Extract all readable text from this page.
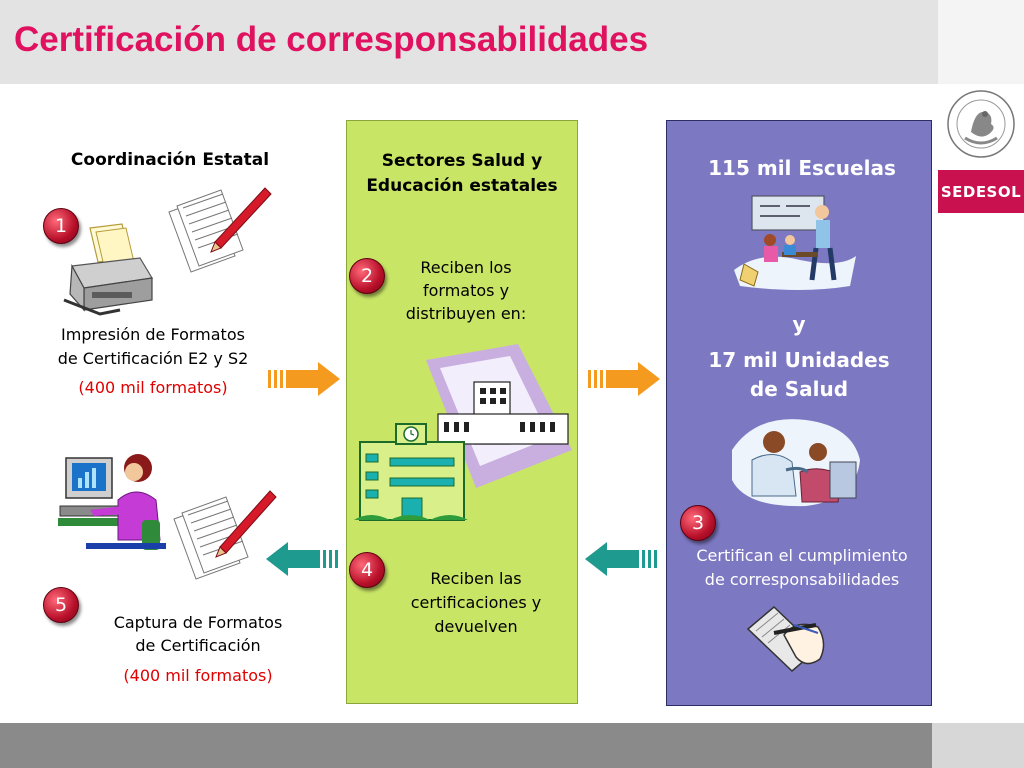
Certificación de corresponsabilidades
SEDESOL
Coordinación Estatal
1
Impresión de Formatos
de Certificación E2 y S2
(400 mil formatos)
5
Captura de Formatos
de Certificación
(400 mil formatos)
Sectores Salud y
Educación estatales
2	Reciben los
formatos y
distribuyen en:
4	Reciben las
certificaciones y
devuelven
115 mil Escuelas
y
17 mil Unidades
de Salud
3
Certifican el cumplimiento
de corresponsabilidades
